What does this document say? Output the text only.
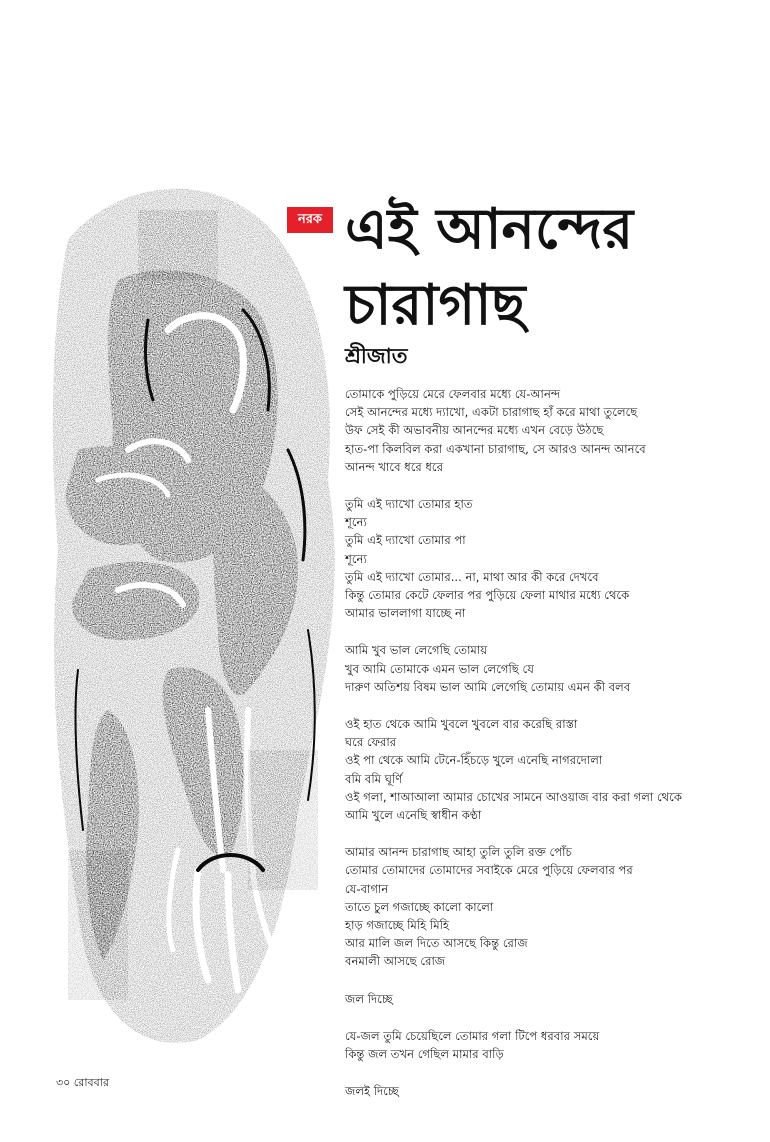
নরক এই আনন্দের
চারাগাছ
শ্রীজাত

তোমাকে পুড়িয়ে মেরে ফেলবার মধ্যে যে-আনন্দ
সেই আনন্দের মধ্যে দ্যাখো, একটা চারাগাছ হাঁ করে মাথা তুলেছে
উফ সেই কী অভাবনীয় আনন্দের মধ্যে এখন বেড়ে উঠছে
হাত-পা কিলবিল করা একখানা চারাগাছ, সে আরও আনন্দ আনবে
আনন্দ খাবে ধরে ধরে

তুমি এই দ্যাখো তোমার হাত
শূন্যে
তুমি এই দ্যাখো তোমার পা
শূন্যে
তুমি এই দ্যাখো তোমার... না, মাথা আর কী করে দেখবে
কিন্তু তোমার কেটে ফেলার পর পুড়িয়ে ফেলা মাথার মধ্যে থেকে
আমার ভাললাগা যাচ্ছে না

আমি খুব ভাল লেগেছি তোমায়
খুব আমি তোমাকে এমন ভাল লেগেছি যে
দারুণ অতিশয় বিষম ভাল আমি লেগেছি তোমায় এমন কী বলব

ওই হাত থেকে আমি খুবলে খুবলে বার করেছি রাস্তা
ঘরে ফেরার
ওই পা থেকে আমি টেনে-হিঁচড়ে খুলে এনেছি নাগরদোলা
বমি বমি ঘূর্ণি
ওই গলা, শাআআলা আমার চোখের সামনে আওয়াজ বার করা গলা থেকে
আমি খুলে এনেছি স্বাধীন কণ্ঠা

আমার আনন্দ চারাগাছ আহা তুলি তুলি রক্ত পোঁচ
তোমার তোমাদের তোমাদের সবাইকে মেরে পুড়িয়ে ফেলবার পর
যে-বাগান
তাতে চুল গজাচ্ছে কালো কালো
হাড় গজাচ্ছে মিহি মিহি
আর মালি জল দিতে আসছে কিন্তু রোজ
বনমালী আসছে রোজ

জল দিচ্ছে

যে-জল তুমি চেয়েছিলে তোমার গলা টিপে ধরবার সময়ে
কিন্তু জল তখন গেছিল মামার বাড়ি

জলই দিচ্ছে

৩০ রোববার
